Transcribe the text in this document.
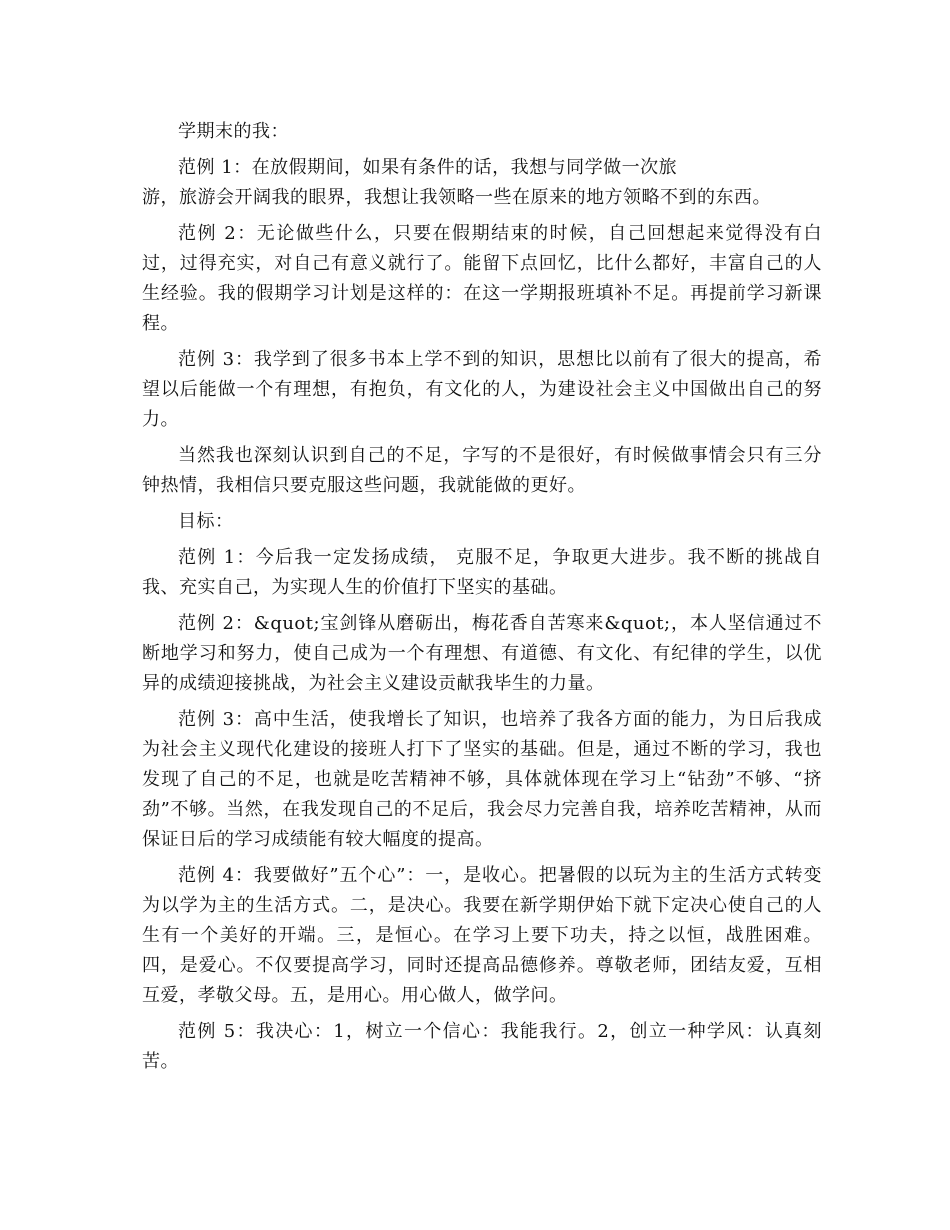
学期末的我：

范例 1：在放假期间，如果有条件的话，我想与同学做一次旅
游，旅游会开阔我的眼界，我想让我领略一些在原来的地方领略不到的东西。

范例 2：无论做些什么，只要在假期结束的时候，自己回想起来觉得没有白过，过得充实，对自己有意义就行了。能留下点回忆，比什么都好，丰富自己的人生经验。我的假期学习计划是这样的：在这一学期报班填补不足。再提前学习新课程。

范例 3：我学到了很多书本上学不到的知识，思想比以前有了很大的提高，希望以后能做一个有理想，有抱负，有文化的人，为建设社会主义中国做出自己的努力。

当然我也深刻认识到自己的不足，字写的不是很好，有时候做事情会只有三分钟热情，我相信只要克服这些问题，我就能做的更好。

目标：

范例 1：今后我一定发扬成绩， 克服不足，争取更大进步。我不断的挑战自我、充实自己，为实现人生的价值打下坚实的基础。

范例 2：&quot;宝剑锋从磨砺出，梅花香自苦寒来&quot;，本人坚信通过不断地学习和努力，使自己成为一个有理想、有道德、有文化、有纪律的学生，以优异的成绩迎接挑战，为社会主义建设贡献我毕生的力量。

范例 3：高中生活，使我增长了知识，也培养了我各方面的能力，为日后我成为社会主义现代化建设的接班人打下了坚实的基础。但是，通过不断的学习，我也发现了自己的不足，也就是吃苦精神不够，具体就体现在学习上“钻劲”不够、“挤劲”不够。当然，在我发现自己的不足后，我会尽力完善自我，培养吃苦精神，从而保证日后的学习成绩能有较大幅度的提高。

范例 4：我要做好”五个心”：一，是收心。把暑假的以玩为主的生活方式转变为以学为主的生活方式。二，是决心。我要在新学期伊始下就下定决心使自己的人生有一个美好的开端。三，是恒心。在学习上要下功夫，持之以恒，战胜困难。四，是爱心。不仅要提高学习，同时还提高品德修养。尊敬老师，团结友爱，互相互爱，孝敬父母。五，是用心。用心做人，做学问。

范例 5：我决心：1，树立一个信心：我能我行。2，创立一种学风：认真刻苦。
